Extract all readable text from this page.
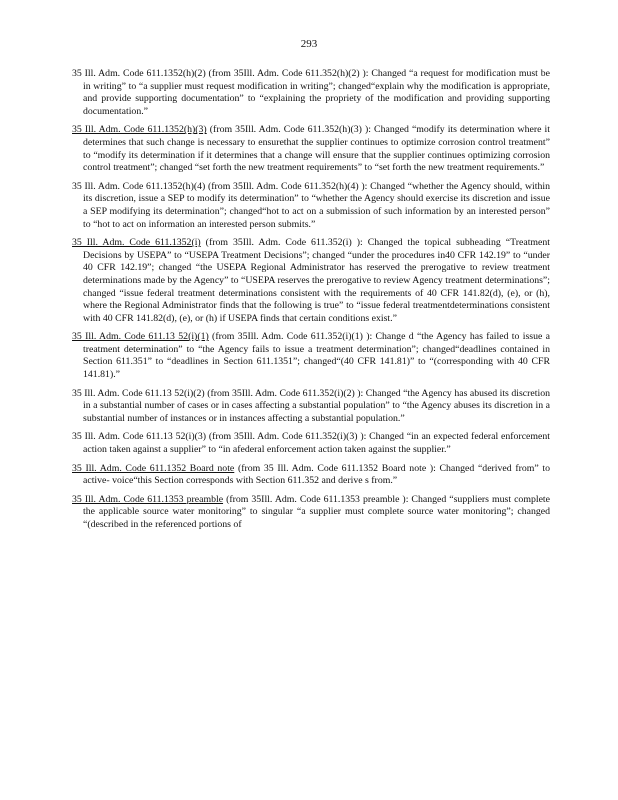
293

35 Ill. Adm. Code 611.1352(h)(2) (from 35Ill. Adm. Code 611.352(h)(2) ): Changed “a request for modification must be in writing” to “a supplier must request modification in writing”; changed“explain why the modification is appropriate, and provide supporting documentation” to “explaining the propriety of the modification and providing supporting documentation.”

35 Ill. Adm. Code 611.1352(h)(3) (from 35Ill. Adm. Code 611.352(h)(3) ): Changed “modify its determination where it determines that such change is necessary to ensurethat the supplier continues to optimize corrosion control treatment” to “modify its determination if it determines that a change will ensure that the supplier continues optimizing corrosion control treatment”; changed “set forth the new treatment requirements” to “set forth the new treatment requirements.”

35 Ill. Adm. Code 611.1352(h)(4) (from 35Ill. Adm. Code 611.352(h)(4) ): Changed “whether the Agency should, within its discretion, issue a SEP to modify its determination” to “whether the Agency should exercise its discretion and issue a SEP modifying its determination”; changed“hot to act on a submission of such information by an interested person” to “hot to act on information an interested person submits.”

35 Ill. Adm. Code 611.1352(i) (from 35Ill. Adm. Code 611.352(i) ): Changed the topical subheading “Treatment Decisions by USEPA” to “USEPA Treatment Decisions”; changed “under the procedures in40 CFR 142.19” to “under 40 CFR 142.19”; changed “the USEPA Regional Administrator has reserved the prerogative to review treatment determinations made by the Agency” to “USEPA reserves the prerogative to review Agency treatment determinations”; changed “issue federal treatment determinations consistent with the requirements of 40 CFR 141.82(d), (e), or (h), where the Regional Administrator finds that the following is true” to “issue federal treatmentdeterminations consistent with 40 CFR 141.82(d), (e), or (h) if USEPA finds that certain conditions exist.”

35 Ill. Adm. Code 611.13 52(i)(1) (from 35Ill. Adm. Code 611.352(i)(1) ): Change d “the Agency has failed to issue a treatment determination” to “the Agency fails to issue a treatment determination”; changed“deadlines contained in Section 611.351” to “deadlines in Section 611.1351”; changed“(40 CFR 141.81)” to “(corresponding with 40 CFR 141.81).”

35 Ill. Adm. Code 611.13 52(i)(2) (from 35Ill. Adm. Code 611.352(i)(2) ): Changed “the Agency has abused its discretion in a substantial number of cases or in cases affecting a substantial population” to “the Agency abuses its discretion in a substantial number of instances or in instances affecting a substantial population.”

35 Ill. Adm. Code 611.13 52(i)(3) (from 35Ill. Adm. Code 611.352(i)(3) ): Changed “in an expected federal enforcement action taken against a supplier” to “in afederal enforcement action taken against the supplier.”

35 Ill. Adm. Code 611.1352 Board note (from 35 Ill. Adm. Code 611.1352 Board note ): Changed “derived from” to active- voice“this Section corresponds with Section 611.352 and derive s from.”

35 Ill. Adm. Code 611.1353 preamble (from 35Ill. Adm. Code 611.1353 preamble ): Changed “suppliers must complete the applicable source water monitoring” to singular “a supplier must complete source water monitoring”; changed “(described in the referenced portions of
